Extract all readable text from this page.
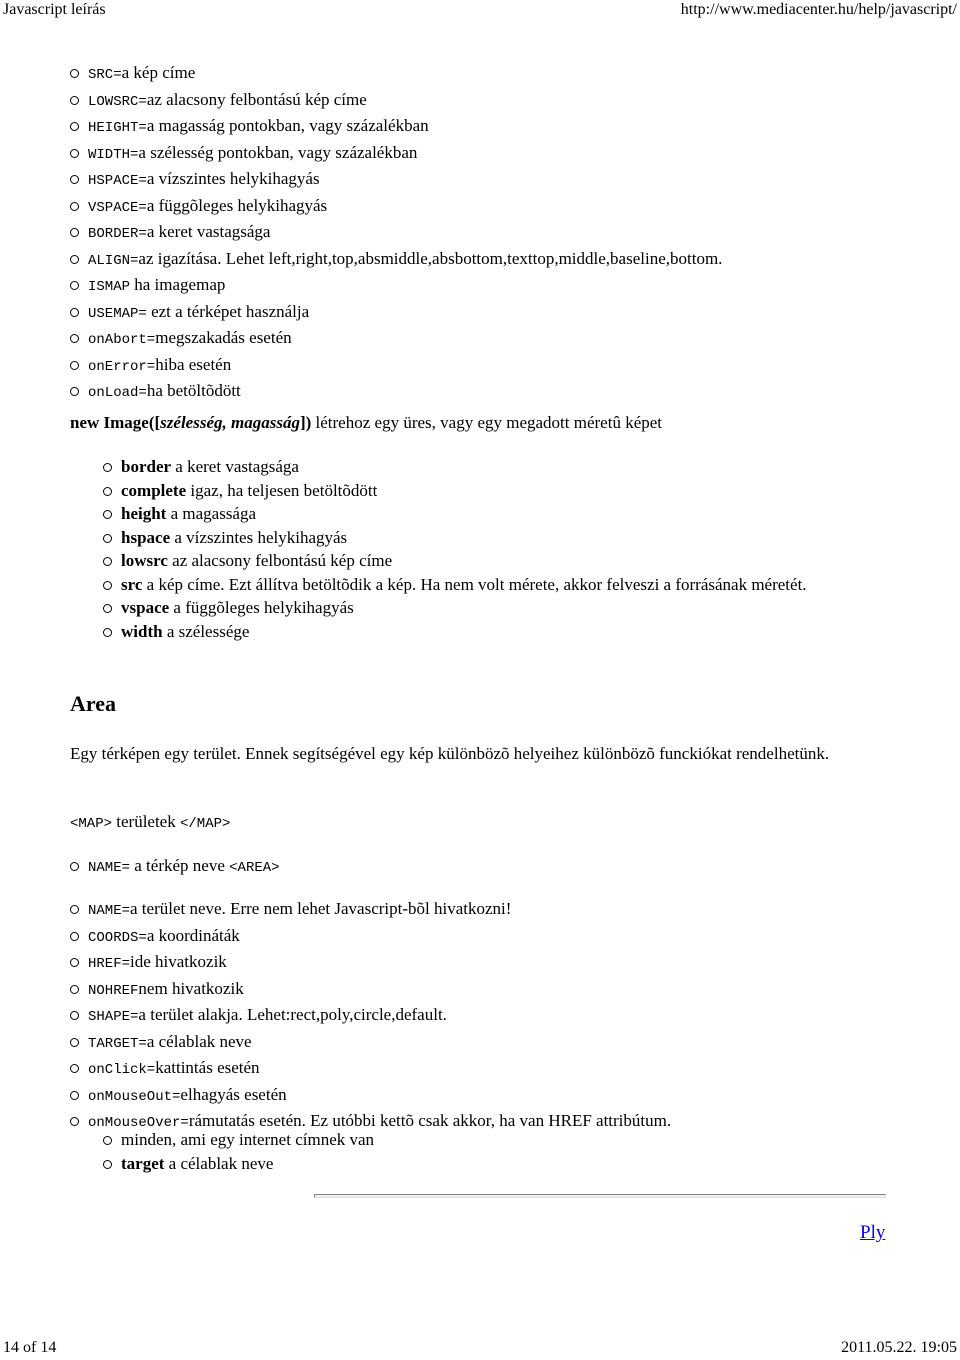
Javascript leírás	http://www.mediacenter.hu/help/javascript/
SRC=a kép címe
LOWSRC=az alacsony felbontású kép címe
HEIGHT=a magasság pontokban, vagy százalékban
WIDTH=a szélesség pontokban, vagy százalékban
HSPACE=a vízszintes helykihagyás
VSPACE=a függõleges helykihagyás
BORDER=a keret vastagsága
ALIGN=az igazítása. Lehet left,right,top,absmiddle,absbottom,texttop,middle,baseline,bottom.
ISMAP ha imagemap
USEMAP= ezt a térképet használja
onAbort=megszakadás esetén
onError=hiba esetén
onLoad=ha betöltõdött
new Image([szélesség, magasság]) létrehoz egy üres, vagy egy megadott méretû képet
border a keret vastagsága
complete igaz, ha teljesen betöltõdött
height a magassága
hspace a vízszintes helykihagyás
lowsrc az alacsony felbontású kép címe
src a kép címe. Ezt állítva betöltõdik a kép. Ha nem volt mérete, akkor felveszi a forrásának méretét.
vspace a függõleges helykihagyás
width a szélessége
Area
Egy térképen egy terület. Ennek segítségével egy kép különbözõ helyeihez különbözõ funckiókat rendelhetünk.
<MAP> területek </MAP>
NAME= a térkép neve <AREA>
NAME=a terület neve. Erre nem lehet Javascript-bõl hivatkozni!
COORDS=a koordináták
HREF=ide hivatkozik
NOHREFnem hivatkozik
SHAPE=a terület alakja. Lehet:rect,poly,circle,default.
TARGET=a célablak neve
onClick=kattintás esetén
onMouseOut=elhagyás esetén
onMouseOver=rámutatás esetén. Ez utóbbi kettõ csak akkor, ha van HREF attribútum.
minden, ami egy internet címnek van
target a célablak neve
Ply
14 of 14	2011.05.22. 19:05
